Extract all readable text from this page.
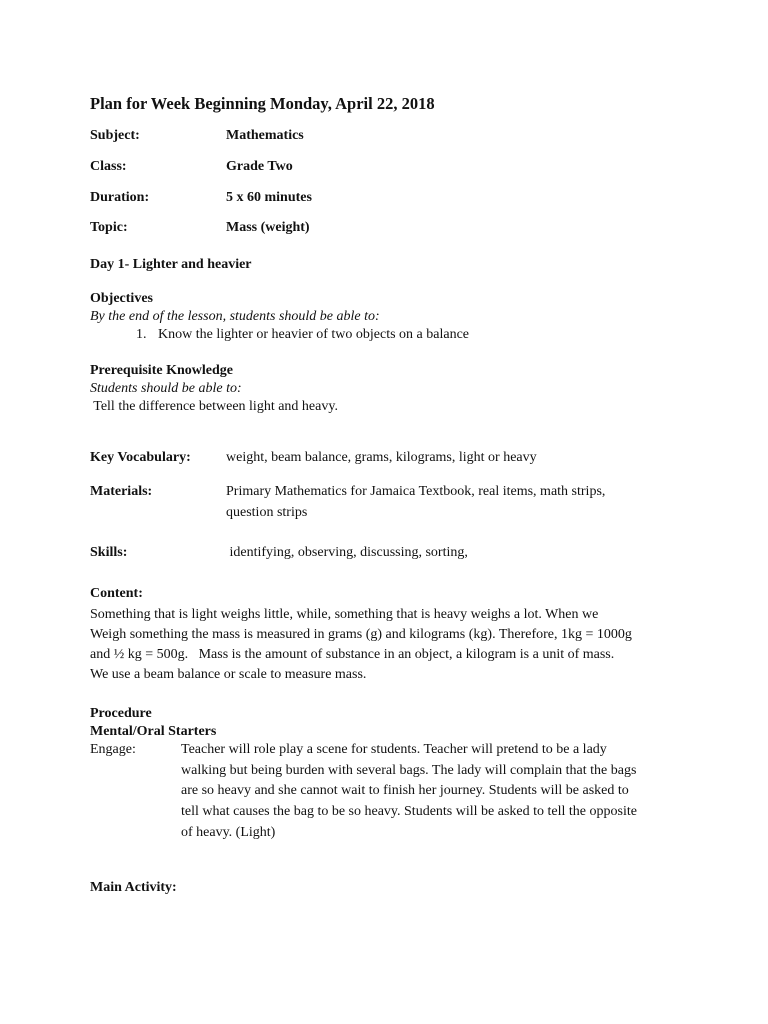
Plan for Week Beginning Monday, April 22, 2018
Subject:	Mathematics
Class:	Grade Two
Duration:	5 x 60 minutes
Topic:	Mass (weight)
Day 1- Lighter and heavier
Objectives
By the end of the lesson, students should be able to:
1. Know the lighter or heavier of two objects on a balance
Prerequisite Knowledge
Students should be able to:
Tell the difference between light and heavy.
Key Vocabulary:	weight, beam balance, grams, kilograms, light or heavy
Materials:	Primary Mathematics for Jamaica Textbook, real items, math strips,
question strips
Skills:	identifying, observing, discussing, sorting,
Content:
Something that is light weighs little, while, something that is heavy weighs a lot. When we
Weigh something the mass is measured in grams (g) and kilograms (kg). Therefore, 1kg = 1000g
and ½ kg = 500g.   Mass is the amount of substance in an object, a kilogram is a unit of mass.
We use a beam balance or scale to measure mass.
Procedure
Mental/Oral Starters
Engage:	Teacher will role play a scene for students. Teacher will pretend to be a lady
walking but being burden with several bags. The lady will complain that the bags
are so heavy and she cannot wait to finish her journey. Students will be asked to
tell what causes the bag to be so heavy. Students will be asked to tell the opposite
of heavy. (Light)
Main Activity:
